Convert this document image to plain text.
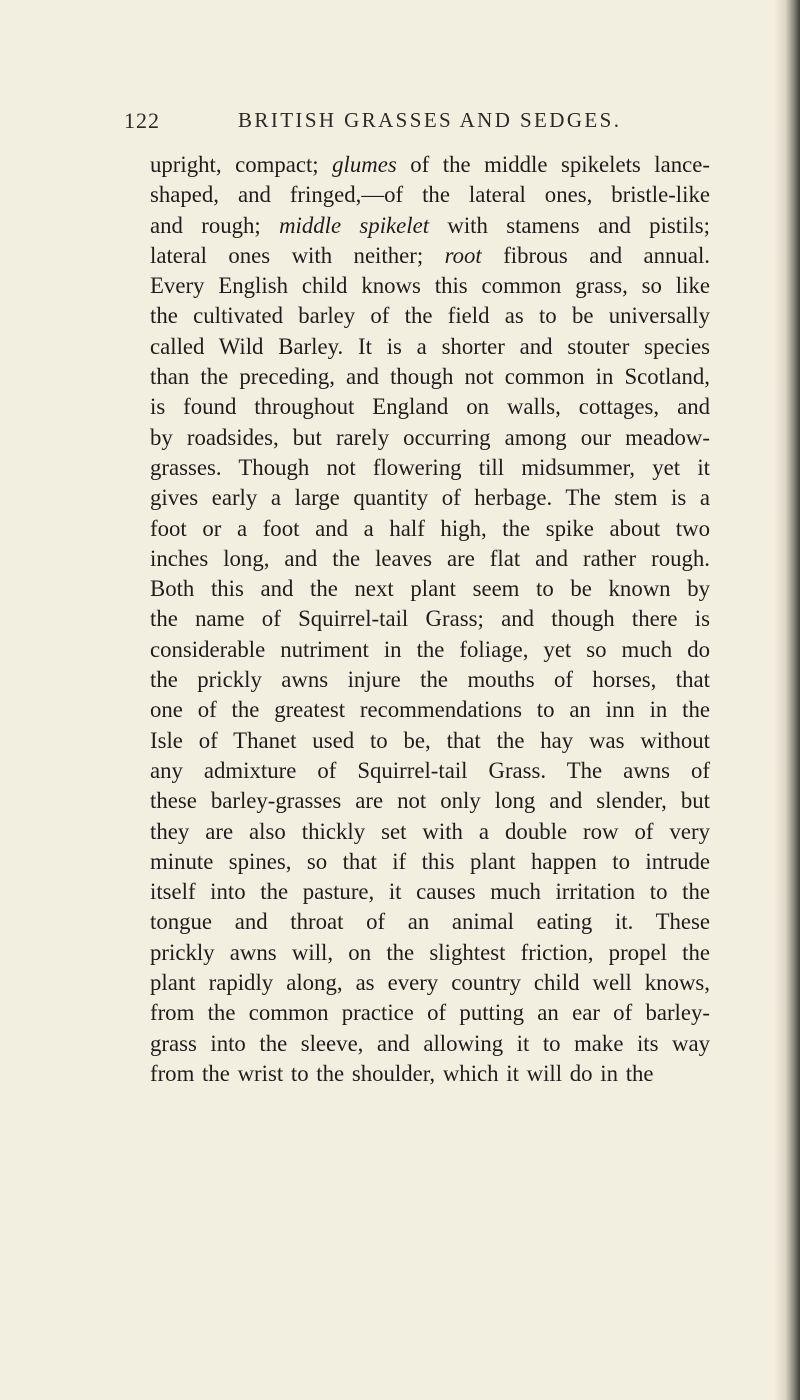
122	BRITISH GRASSES AND SEDGES.
upright, compact; glumes of the middle spikelets lance-
shaped, and fringed,—of the lateral ones, bristle-like
and rough; middle spikelet with stamens and pistils;
lateral ones with neither; root fibrous and annual.
Every English child knows this common grass, so like
the cultivated barley of the field as to be universally
called Wild Barley. It is a shorter and stouter species
than the preceding, and though not common in Scotland,
is found throughout England on walls, cottages, and
by roadsides, but rarely occurring among our meadow-
grasses. Though not flowering till midsummer, yet it
gives early a large quantity of herbage. The stem is a
foot or a foot and a half high, the spike about two
inches long, and the leaves are flat and rather rough.
Both this and the next plant seem to be known by
the name of Squirrel-tail Grass; and though there is
considerable nutriment in the foliage, yet so much do
the prickly awns injure the mouths of horses, that
one of the greatest recommendations to an inn in the
Isle of Thanet used to be, that the hay was without
any admixture of Squirrel-tail Grass. The awns of
these barley-grasses are not only long and slender, but
they are also thickly set with a double row of very
minute spines, so that if this plant happen to intrude
itself into the pasture, it causes much irritation to the
tongue and throat of an animal eating it. These
prickly awns will, on the slightest friction, propel the
plant rapidly along, as every country child well knows,
from the common practice of putting an ear of barley-
grass into the sleeve, and allowing it to make its way
from the wrist to the shoulder, which it will do in the
